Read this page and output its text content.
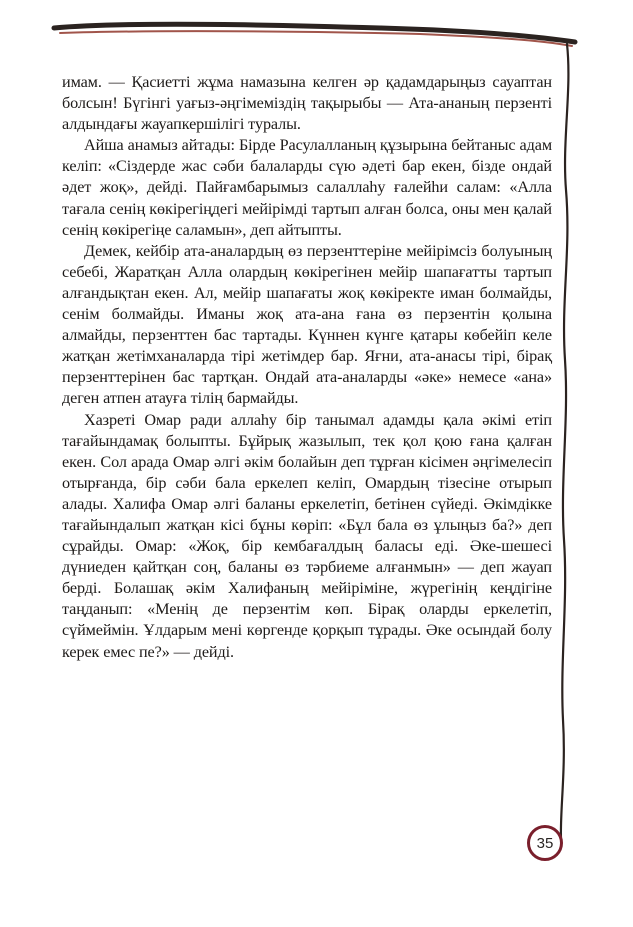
имам. — Қасиетті жұма намазына келген әр қадамдарыңыз сауаптан болсын! Бүгінгі уағыз-әңгімеміздің тақырыбы — Ата-ананың перзенті алдындағы жауапкершілігі туралы.

Айша анамыз айтады: Бірде Расулалланың құзырына бейтаныс адам келіп: «Сіздерде жас сәби балаларды сүю әдеті бар екен, бізде ондай әдет жоқ», дейді. Пайғамбарымыз салаллаһу ғалейһи салам: «Алла тағала сенің көкірегіңдегі мейірімді тартып алған болса, оны мен қалай сенің көкірегіңе саламын», деп айтыпты.

Демек, кейбір ата-аналардың өз перзенттеріне мейірімсіз болуының себебі, Жаратқан Алла олардың көкірегінен мейір шапағатты тартып алғандықтан екен. Ал, мейір шапағаты жоқ көкіректе иман болмайды, сенім болмайды. Иманы жоқ ата-ана ғана өз перзентін қолына алмайды, перзенттен бас тартады. Күннен күнге қатары көбейіп келе жатқан жетімханаларда тірі жетімдер бар. Яғни, ата-анасы тірі, бірақ перзенттерінен бас тартқан. Ондай ата-аналарды «әке» немесе «ана» деген атпен атауға тілің бармайды.

Хазреті Омар ради аллаһу бір танымал адамды қала әкімі етіп тағайындамақ болыпты. Бұйрық жазылып, тек қол қою ғана қалған екен. Сол арада Омар әлгі әкім болайын деп тұрған кісімен әңгімелесіп отырғанда, бір сәби бала еркелеп келіп, Омардың тізесіне отырып алады. Халифа Омар әлгі баланы еркелетіп, бетінен сүйеді. Әкімдікке тағайындалып жатқан кісі бұны көріп: «Бұл бала өз ұлыңыз ба?» деп сұрайды. Омар: «Жоқ, бір кембағалдың баласы еді. Әке-шешесі дүниеден қайтқан соң, баланы өз тәрбиеме алғанмын» — деп жауап берді. Болашақ әкім Халифаның мейіріміне, жүрегінің кеңдігіне таңданып: «Менің де перзентім көп. Бірақ оларды еркелетіп, сүймеймін. Ұлдарым мені көргенде қорқып тұрады. Әке осындай болу керек емес пе?» — дейді.

35
